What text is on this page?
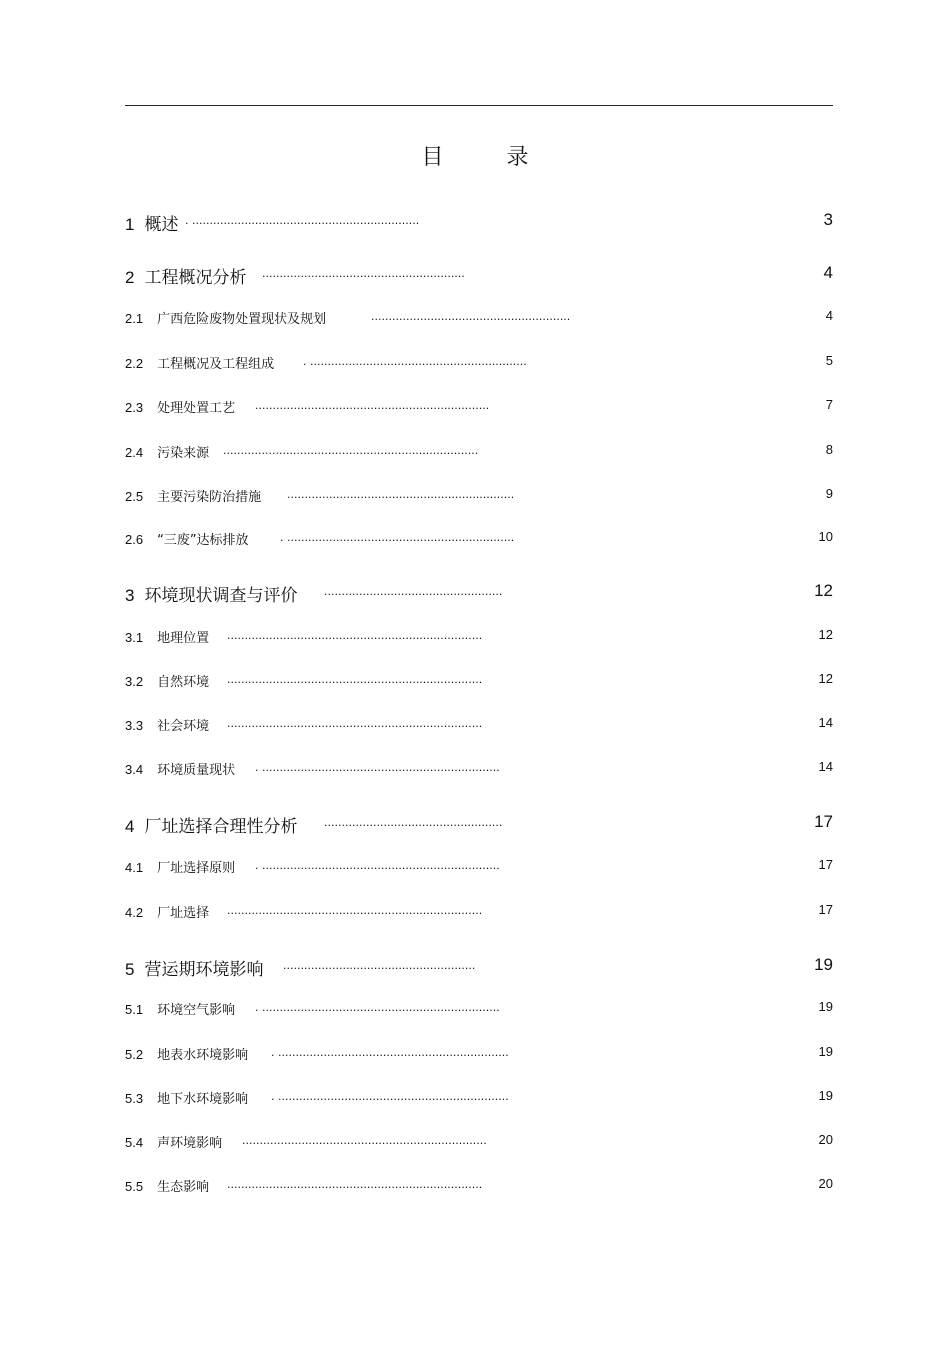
目 录
1 概述 . .................................................................	3
2 工程概况分析 ..........................................................	4
2.1 广西危险废物处置现状及规划	.........................................................	4
2.2 工程概况及工程组成	. ..............................................................	5
2.3 处理处置工艺 ...................................................................	7
2.4 污染来源 .........................................................................	8
2.5 主要污染防治措施 .................................................................	9
2.6 “三废”达标排放	. .................................................................	10
3 环境现状调查与评价 ...................................................	12
3.1 地理位置 .........................................................................	12
3.2 自然环境 .........................................................................	12
3.3 社会环境 .........................................................................	14
3.4 环境质量现状 . ....................................................................	14
4 厂址选择合理性分析 ...................................................	17
4.1 厂址选择原则 . ....................................................................	17
4.2 厂址选择 .........................................................................	17
5 营运期环境影响 .......................................................	19
5.1 环境空气影响 . ....................................................................	19
5.2 地表水环境影响 . ..................................................................	19
5.3 地下水环境影响 . ..................................................................	19
5.4 声环境影响 ......................................................................	20
5.5 生态影响 .........................................................................	20
